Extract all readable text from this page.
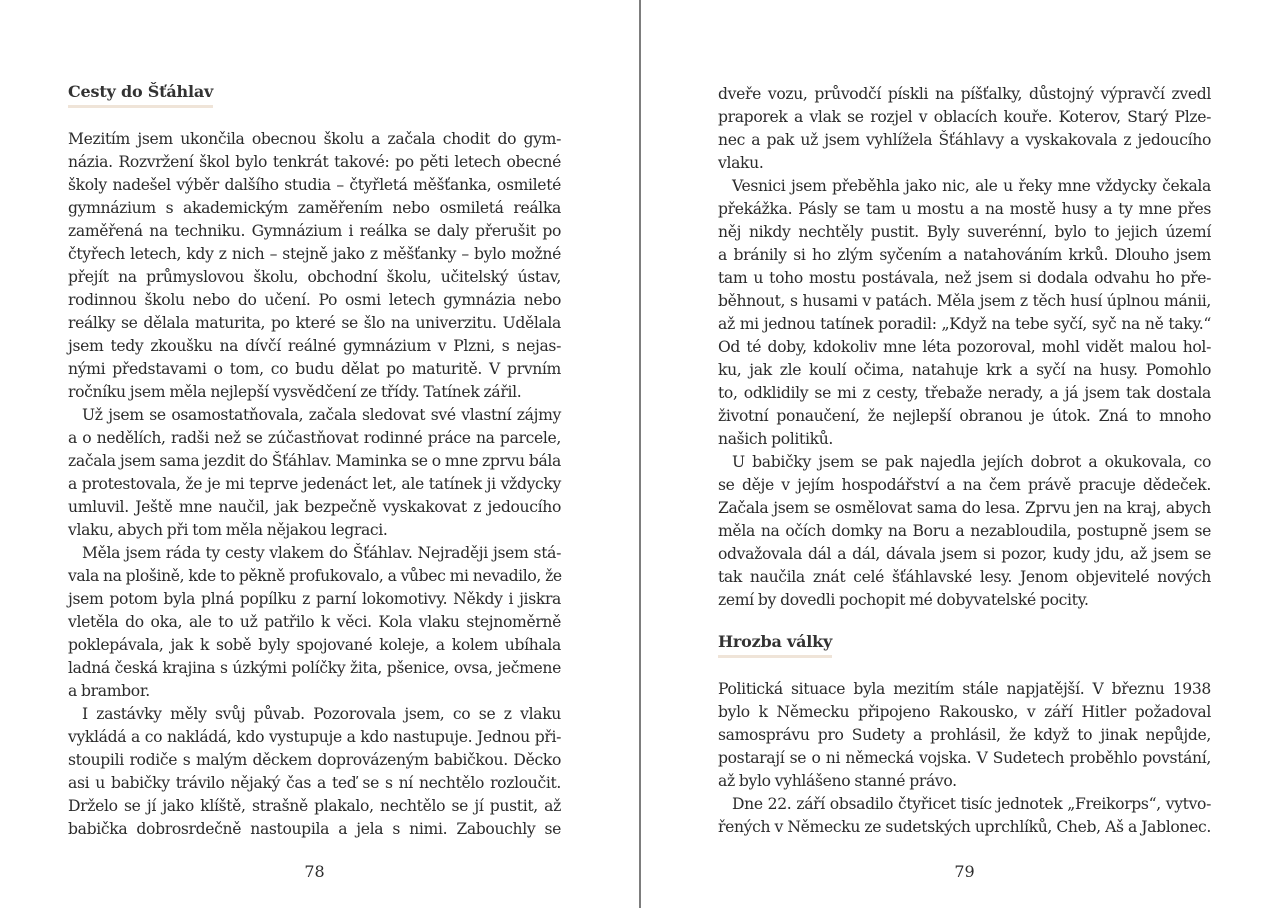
Cesty do Šťáhlav

Mezitím jsem ukončila obecnou školu a začala chodit do gym-
názia. Rozvržení škol bylo tenkrát takové: po pěti letech obecné
školy nadešel výběr dalšího studia – čtyřletá měšťanka, osmileté
gymnázium s akademickým zaměřením nebo osmiletá reálka
zaměřená na techniku. Gymnázium i reálka se daly přerušit po
čtyřech letech, kdy z nich – stejně jako z měšťanky – bylo možné
přejít na průmyslovou školu, obchodní školu, učitelský ústav,
rodinnou školu nebo do učení. Po osmi letech gymnázia nebo
reálky se dělala maturita, po které se šlo na univerzitu. Udělala
jsem tedy zkoušku na dívčí reálné gymnázium v Plzni, s nejas-
nými představami o tom, co budu dělat po maturitě. V prvním
ročníku jsem měla nejlepší vysvědčení ze třídy. Tatínek zářil.

Už jsem se osamostatňovala, začala sledovat své vlastní zájmy
a o nedělích, radši než se zúčastňovat rodinné práce na parcele,
začala jsem sama jezdit do Šťáhlav. Maminka se o mne zprvu bála
a protestovala, že je mi teprve jedenáct let, ale tatínek ji vždycky
umluvil. Ještě mne naučil, jak bezpečně vyskakovat z jedoucího
vlaku, abych při tom měla nějakou legraci.

Měla jsem ráda ty cesty vlakem do Šťáhlav. Nejraději jsem stá-
vala na plošině, kde to pěkně profukovalo, a vůbec mi nevadilo, že
jsem potom byla plná popílku z parní lokomotivy. Někdy i jiskra
vletěla do oka, ale to už patřilo k věci. Kola vlaku stejnoměrně
poklepávala, jak k sobě byly spojované koleje, a kolem ubíhala
ladná česká krajina s úzkými políčky žita, pšenice, ovsa, ječmene
a brambor.

I zastávky měly svůj půvab. Pozorovala jsem, co se z vlaku
vykládá a co nakládá, kdo vystupuje a kdo nastupuje. Jednou při-
stoupili rodiče s malým děckem doprovázeným babičkou. Děcko
asi u babičky trávilo nějaký čas a teď se s ní nechtělo rozloučit.
Drželo se jí jako klíště, strašně plakalo, nechtělo se jí pustit, až
babička dobrosrdečně nastoupila a jela s nimi. Zabouchly se

78

dveře vozu, průvodčí pískli na píšťalky, důstojný výpravčí zvedl
praporek a vlak se rozjel v oblacích kouře. Koterov, Starý Plze-
nec a pak už jsem vyhlížela Šťáhlavy a vyskakovala z jedoucího
vlaku.

Vesnici jsem přeběhla jako nic, ale u řeky mne vždycky čekala
překážka. Pásly se tam u mostu a na mostě husy a ty mne přes
něj nikdy nechtěly pustit. Byly suverénní, bylo to jejich území
a bránily si ho zlým syčením a natahováním krků. Dlouho jsem
tam u toho mostu postávala, než jsem si dodala odvahu ho pře-
běhnout, s husami v patách. Měla jsem z těch husí úplnou mánii,
až mi jednou tatínek poradil: „Když na tebe syčí, syč na ně taky.“
Od té doby, kdokoliv mne léta pozoroval, mohl vidět malou hol-
ku, jak zle koulí očima, natahuje krk a syčí na husy. Pomohlo
to, odklidily se mi z cesty, třebaže nerady, a já jsem tak dostala
životní ponaučení, že nejlepší obranou je útok. Zná to mnoho
našich politiků.

U babičky jsem se pak najedla jejích dobrot a okukovala, co
se děje v jejím hospodářství a na čem právě pracuje dědeček.
Začala jsem se osmělovat sama do lesa. Zprvu jen na kraj, abych
měla na očích domky na Boru a nezabloudila, postupně jsem se
odvažovala dál a dál, dávala jsem si pozor, kudy jdu, až jsem se
tak naučila znát celé šťáhlavské lesy. Jenom objevitelé nových
zemí by dovedli pochopit mé dobyvatelské pocity.

Hrozba války

Politická situace byla mezitím stále napjatější. V březnu 1938
bylo k Německu připojeno Rakousko, v září Hitler požadoval
samosprávu pro Sudety a prohlásil, že když to jinak nepůjde,
postarají se o ni německá vojska. V Sudetech proběhlo povstání,
až bylo vyhlášeno stanné právo.

Dne 22. září obsadilo čtyřicet tisíc jednotek „Freikorps“, vytvo-
řených v Německu ze sudetských uprchlíků, Cheb, Aš a Jablonec.

79
